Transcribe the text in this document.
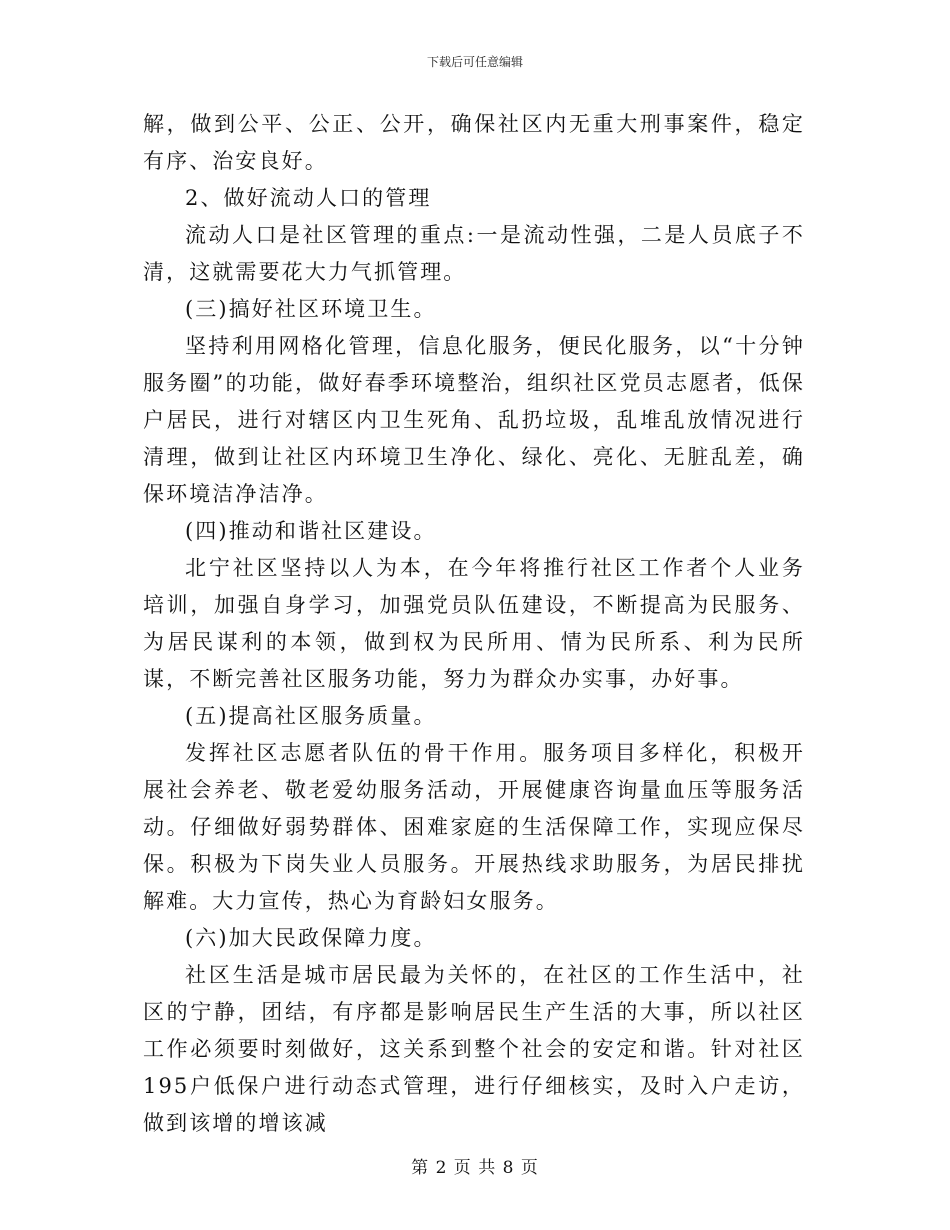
下载后可任意编辑

解，做到公平、公正、公开，确保社区内无重大刑事案件，稳定有序、治安良好。

2、做好流动人口的管理

流动人口是社区管理的重点:一是流动性强，二是人员底子不清，这就需要花大力气抓管理。

(三)搞好社区环境卫生。

坚持利用网格化管理，信息化服务，便民化服务，以“十分钟服务圈”的功能，做好春季环境整治，组织社区党员志愿者，低保户居民，进行对辖区内卫生死角、乱扔垃圾，乱堆乱放情况进行清理，做到让社区内环境卫生净化、绿化、亮化、无脏乱差，确保环境洁净洁净。

(四)推动和谐社区建设。

北宁社区坚持以人为本，在今年将推行社区工作者个人业务培训，加强自身学习，加强党员队伍建设，不断提高为民服务、为居民谋利的本领，做到权为民所用、情为民所系、利为民所谋，不断完善社区服务功能，努力为群众办实事，办好事。

(五)提高社区服务质量。

发挥社区志愿者队伍的骨干作用。服务项目多样化，积极开展社会养老、敬老爱幼服务活动，开展健康咨询量血压等服务活动。仔细做好弱势群体、困难家庭的生活保障工作，实现应保尽保。积极为下岗失业人员服务。开展热线求助服务，为居民排扰解难。大力宣传，热心为育龄妇女服务。

(六)加大民政保障力度。

社区生活是城市居民最为关怀的，在社区的工作生活中，社区的宁静，团结，有序都是影响居民生产生活的大事，所以社区工作必须要时刻做好，这关系到整个社会的安定和谐。针对社区195户低保户进行动态式管理，进行仔细核实，及时入户走访，做到该增的增该减

第 2 页 共 8 页
